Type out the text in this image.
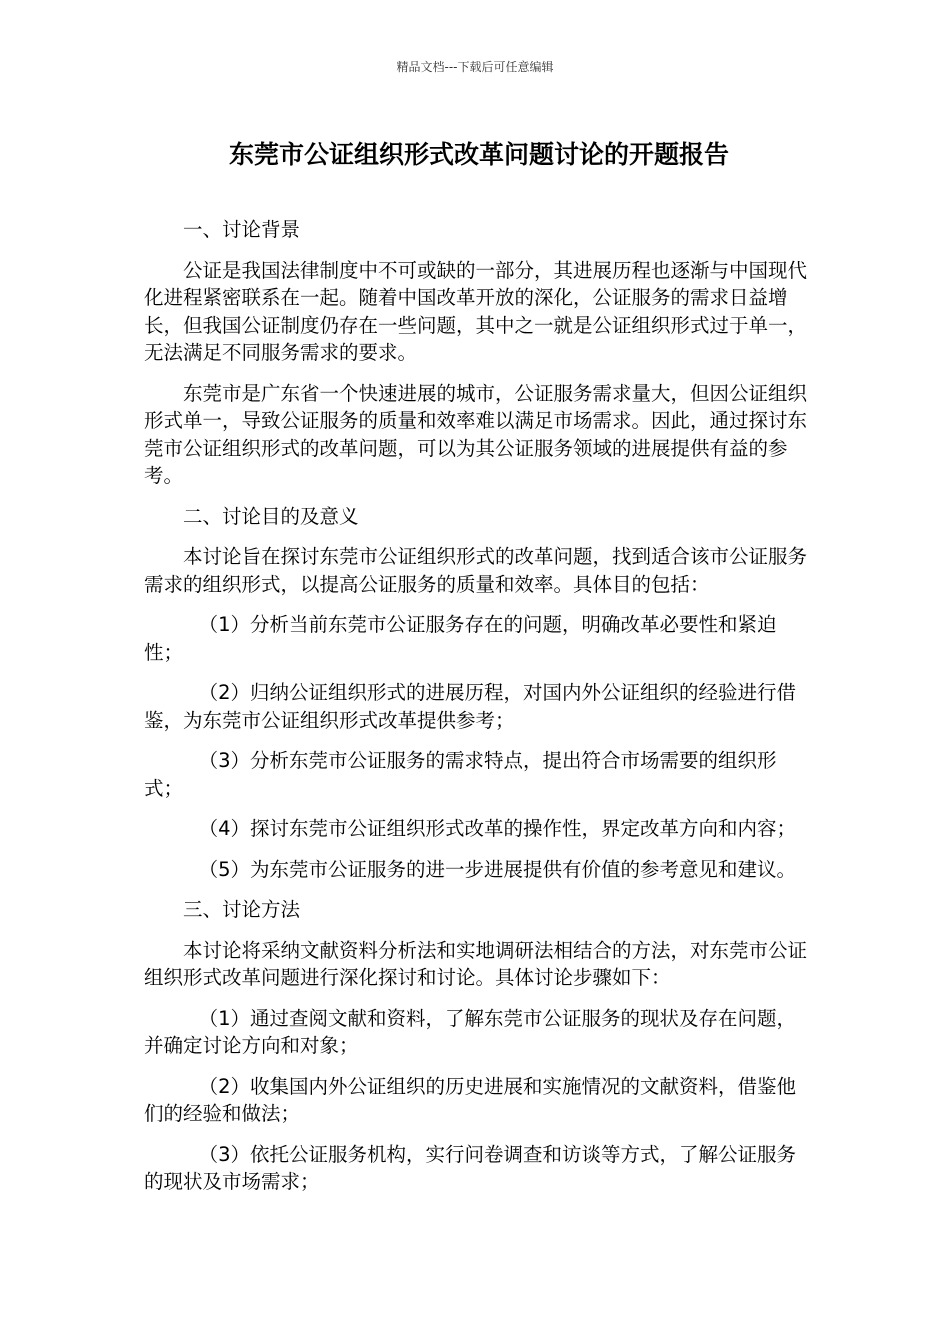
精品文档---下载后可任意编辑
东莞市公证组织形式改革问题讨论的开题报告

一、讨论背景

公证是我国法律制度中不可或缺的一部分，其进展历程也逐渐与中国现代化进程紧密联系在一起。随着中国改革开放的深化，公证服务的需求日益增长，但我国公证制度仍存在一些问题，其中之一就是公证组织形式过于单一，无法满足不同服务需求的要求。

东莞市是广东省一个快速进展的城市，公证服务需求量大，但因公证组织形式单一，导致公证服务的质量和效率难以满足市场需求。因此，通过探讨东莞市公证组织形式的改革问题，可以为其公证服务领域的进展提供有益的参考。

二、讨论目的及意义

本讨论旨在探讨东莞市公证组织形式的改革问题，找到适合该市公证服务需求的组织形式，以提高公证服务的质量和效率。具体目的包括：

（1）分析当前东莞市公证服务存在的问题，明确改革必要性和紧迫性；

（2）归纳公证组织形式的进展历程，对国内外公证组织的经验进行借鉴，为东莞市公证组织形式改革提供参考；

（3）分析东莞市公证服务的需求特点，提出符合市场需要的组织形式；

（4）探讨东莞市公证组织形式改革的操作性，界定改革方向和内容；

（5）为东莞市公证服务的进一步进展提供有价值的参考意见和建议。

三、讨论方法

本讨论将采纳文献资料分析法和实地调研法相结合的方法，对东莞市公证组织形式改革问题进行深化探讨和讨论。具体讨论步骤如下：

（1）通过查阅文献和资料，了解东莞市公证服务的现状及存在问题，并确定讨论方向和对象；

（2）收集国内外公证组织的历史进展和实施情况的文献资料，借鉴他们的经验和做法；

（3）依托公证服务机构，实行问卷调查和访谈等方式，了解公证服务的现状及市场需求；
